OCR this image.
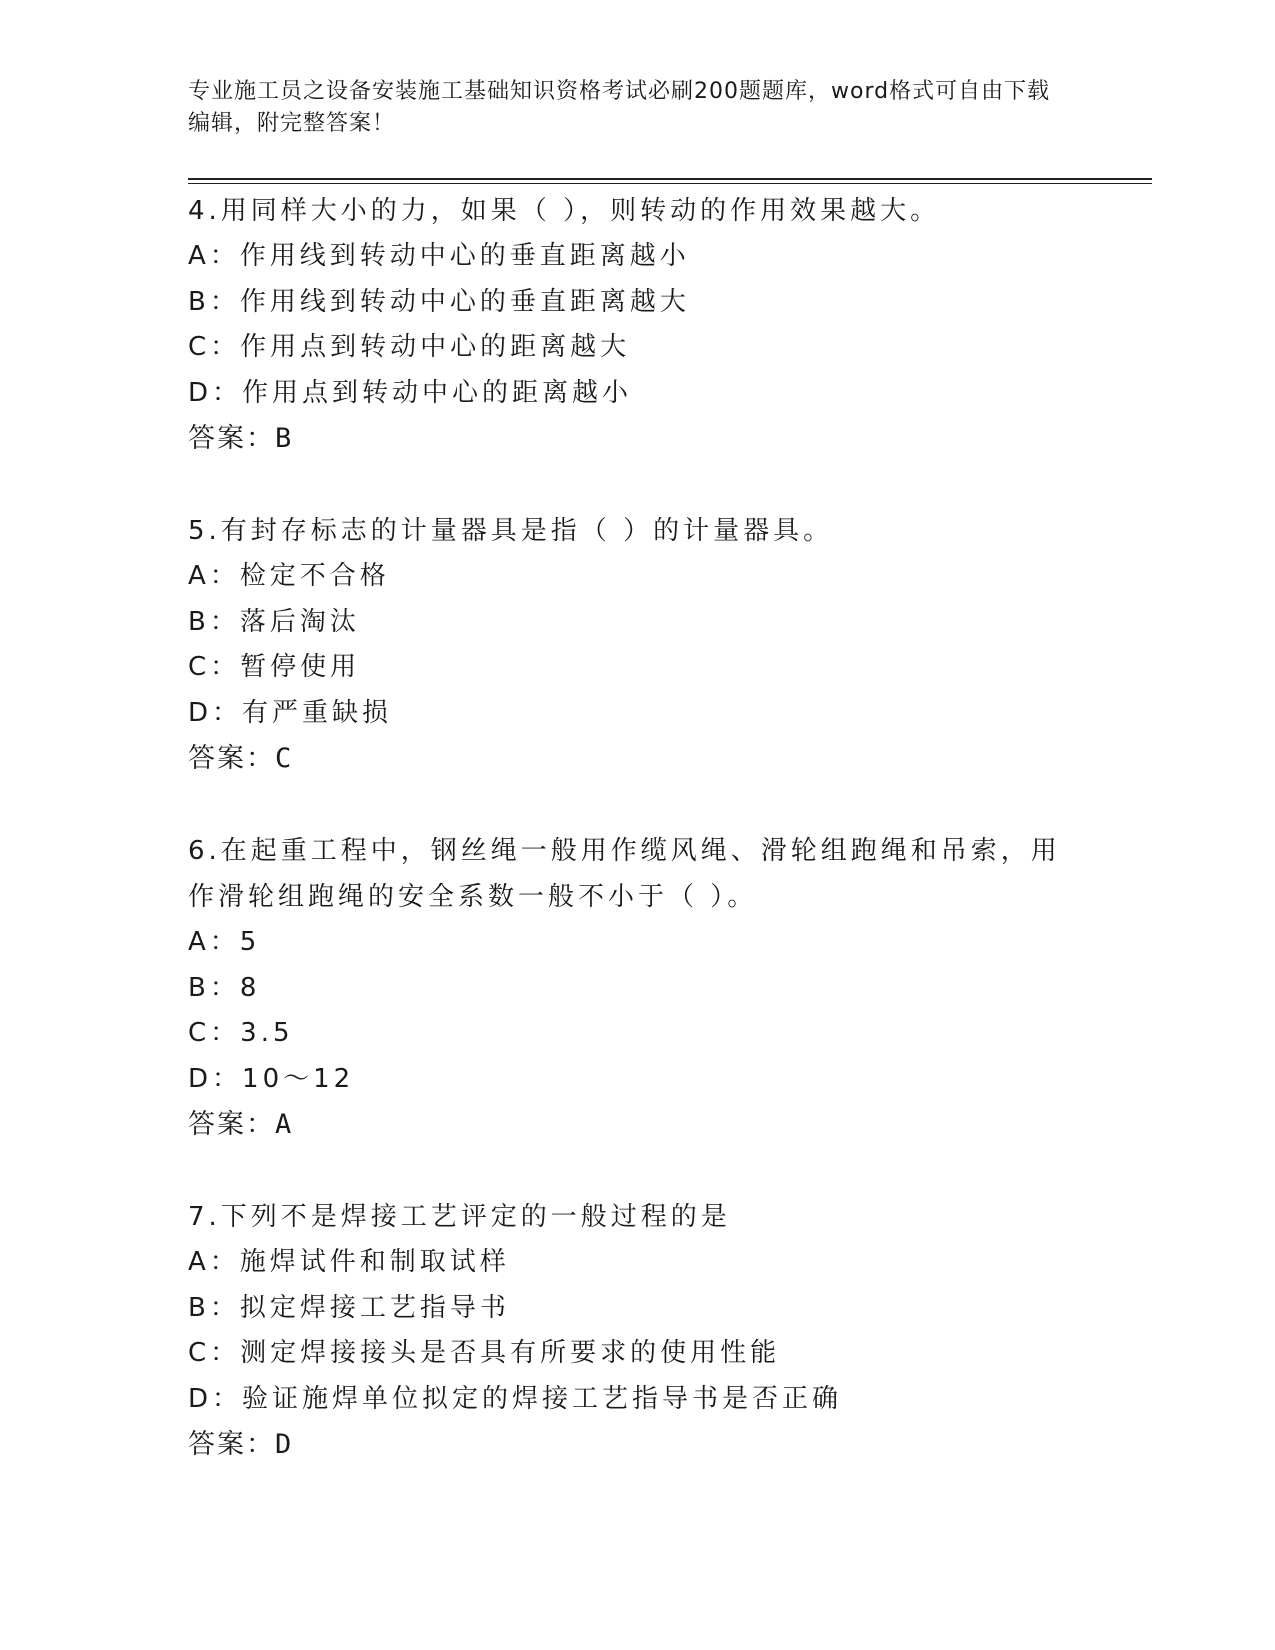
专业施工员之设备安装施工基础知识资格考试必刷200题题库，word格式可自由下载编辑，附完整答案！
4.用同样大小的力，如果（ ），则转动的作用效果越大。
A：作用线到转动中心的垂直距离越小
B：作用线到转动中心的垂直距离越大
C：作用点到转动中心的距离越大
D：作用点到转动中心的距离越小
答案：B
5.有封存标志的计量器具是指（ ）的计量器具。
A：检定不合格
B：落后淘汰
C：暂停使用
D：有严重缺损
答案：C
6.在起重工程中，钢丝绳一般用作缆风绳、滑轮组跑绳和吊索，用作滑轮组跑绳的安全系数一般不小于（ ）。
A：5
B：8
C：3.5
D：10～12
答案：A
7.下列不是焊接工艺评定的一般过程的是
A：施焊试件和制取试样
B：拟定焊接工艺指导书
C：测定焊接接头是否具有所要求的使用性能
D：验证施焊单位拟定的焊接工艺指导书是否正确
答案：D
